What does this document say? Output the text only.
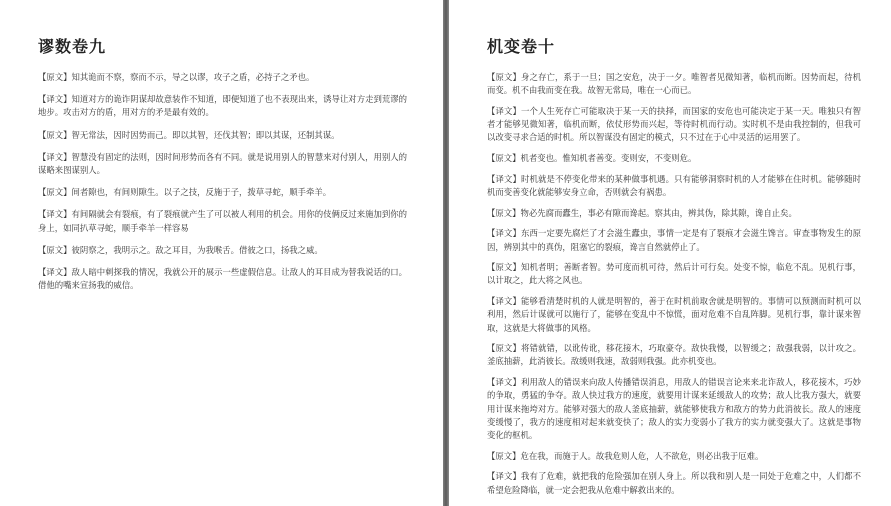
谬数卷九
【原文】知其诡而不察，察而不示，导之以谬，攻子之盾，必持子之矛也。
【译文】知道对方的诡诈阴谋却故意装作不知道，即便知道了也不表现出来，诱导让对方走到荒谬的地步。攻击对方的盾，用对方的矛是最有效的。
【原文】智无常法，因时因势而己。即以其智，还伐其智；即以其谋，还制其谋。
【译文】智慧没有固定的法则，因时间形势而各有不同。就是说用别人的智慧来对付别人，用别人的谋略来图谋别人。
【原文】间者隙也，有间则隙生。以子之技，反施于子，拨草寻蛇，顺手牵羊。
【译文】有间隔就会有裂痕，有了裂痕就产生了可以被人利用的机会。用你的伎俩反过来施加到你的身上，如同扒草寻蛇，顺手牵羊一样容易
【原文】彼阴察之，我明示之。敌之耳目，为我喉舌。借彼之口，扬我之威。
【译文】敌人暗中刺探我的情况，我就公开的展示一些虚假信息。让敌人的耳目成为替我说话的口。借他的嘴来宣扬我的威信。
机变卷十
【原文】身之存亡，系于一旦；国之安危，决于一夕。唯智者见微知著，临机而断。因势而起，待机而变。机不由我而变在我。故智无常局，唯在一心而已。
【译文】一个人生死存亡可能取决于某一天的抉择，而国家的安危也可能决定于某一天。唯独只有智者才能够见微知著，临机而断，依仗形势而兴起，等待时机而行动。实时机不是由我控制的，但我可以改变寻求合适的时机。所以智谋没有固定的模式，只不过在于心中灵活的运用罢了。
【原文】机者变也。惟知机者善变。变则安，不变则危。
【译文】时机就是不停变化带来的某种做事机遇。只有能够洞察时机的人才能够在住时机。能够随时机而变善变化就能够安身立命，否则就会有祸患。
【原文】物必先腐而蠹生，事必有隙而谗起。察其由，辨其伪，除其隙，谗自止矣。
【译文】东西一定要先腐烂了才会滋生蠹虫，事情一定是有了裂痕才会滋生馋言。审查事物发生的原因，辨别其中的真伪，阻塞它的裂痕，谗言自然就停止了。
【原文】知机者明；善断者智。势可度而机可待，然后计可行矣。处变不惊，临危不乱。见机行事，以计取之，此大将之风也。
【译文】能够看清楚时机的人就是明智的，善于在时机前取舍就是明智的。事情可以预测而时机可以利用，然后计谋就可以施行了，能够在变乱中不惊慌，面对危难不自乱阵脚。见机行事，靠计谋来智取，这就是大将做事的风格。
【原文】将错就错，以讹传讹，移花接木，巧取豪夺。敌快我慢，以智缓之；敌强我弱，以计攻之。釜底抽薪，此消彼长。敌缓则我速，敌弱则我强。此亦机变也。
【译文】利用敌人的错误来向敌人传播错误消息，用敌人的错误言论来来北诈敌人，移花接木，巧妙的争取，勇猛的争夺。敌人快过我方的速度，就要用计谋来延缓敌人的攻势；敌人比我方强大，就要用计谋来拖垮对方。能够对强大的敌人釜底抽薪，就能够使我方和敌方的势力此消彼长。敌人的速度变缓慢了，我方的速度相对起来就变快了；敌人的实力变弱小了我方的实力就变强大了。这就是事物变化的枢机。
【原文】危在我，而施于人。故我危则人危，人不欲危，则必出我于厄难。
【译文】我有了危难，就把我的危险强加在别人身上。所以我和别人是一同处于危难之中，人们都不希望危险降临，就一定会把我从危难中解救出来的。
